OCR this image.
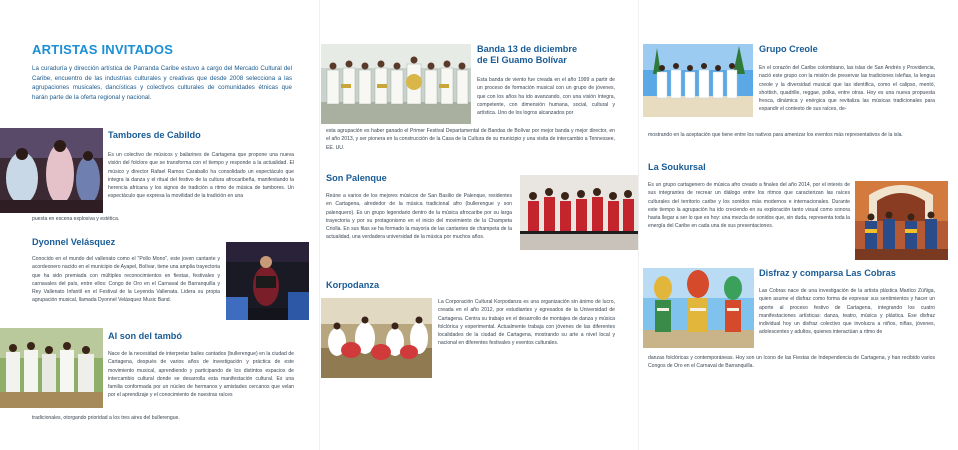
ARTISTAS INVITADOS
La curaduría y dirección artística de Parranda Caribe estuvo a cargo del Mercado Cultural del Caribe, encuentro de las industrias culturales y creativas que desde 2008 selecciona a las agrupaciones musicales, dancísticas y colectivos culturales de comunidades étnicas que harán parte de la oferta regional y nacional.
Tambores de Cabildo
Es un colectivo de músicos y bailarines de Cartagena que propone una nueva visión del folclore que se transforma con el tiempo y responde a la actualidad. El músico y director Rafael Ramos Caraballo ha consolidado un espectáculo que integra la danza y el ritual del festivo de la cultura afrocaribeña, manifestando la herencia africana y los signos de tradición a ritmo de música de tambores. Un espectáculo que expresa la movilidad de la tradición en una
puesta en escena explosiva y estética.
Dyonnel Velásquez
Conocido en el mundo del vallenato como el "Pollo Mono", este joven cantante y acordeonero nacido en el municipio de Ayapel, Bolívar, tiene una amplia trayectoria que ha sido premiada con múltiples reconocimientos en fiestas, festivales y carnavales del país, entre ellos: Congo de Oro en el Carnaval de Barranquilla y Rey Vallenato Infantil en el Festival de la Leyenda Vallenata. Lidera su propia agrupación musical, llamada Dyonnel Velásquez Music Band.
Al son del tambó
Nace de la necesidad de interpretar bailes cantados (bullerengue) en la ciudad de Cartagena, después de varios años de investigación y práctica de este movimiento musical, aprendiendo y participando de los distintos espacios de intercambio cultural donde se desarrolla esta manifestación cultural. Es una familia conformada por un núcleo de hermanos y amistades cercanos que velan por el aprendizaje y el conocimiento de nuestras raíces
tradicionales, otorgando prioridad a los tres aires del bullerengue.
Banda 13 de diciembre
de El Guamo Bolívar
Esta banda de viento fue creada en el año 1999 a partir de un proceso de formación musical con un grupo de jóvenes, que con los años ha ido avanzando, con una visión íntegra, competente, con dimensión humana, social, cultural y artística. Uno de los logros alcanzados por
esta agrupación es haber ganado el Primer Festival Departamental de Bandas de Bolívar por mejor banda y mejor director, en el año 2013, y ser pionera en la construcción de la Casa de la Cultura de su municipio y una visita de intercambio a Tennessee, EE. UU.
Son Palenque
Reúne a varios de los mejores músicos de San Basilio de Palenque, residentes en Cartagena, alrededor de la música tradicional afro (bullerengue y son palenquero). Es un grupo legendario dentro de la música afrocaribe por su larga trayectoria y por su protagonismo en el inicio del movimiento de la Champeta Criolla. En sus filas se ha formado la mayoría de las cantantes de champeta de la actualidad, una verdadera universidad de la música por muchos años.
Korpodanza
La Corporación Cultural Korpodanza es una organización sin ánimo de lucro, creada en el año 2012, por estudiantes y egresados de la Universidad de Cartagena. Centra su trabajo en el desarrollo de montajes de danza y música folclórica y experimental. Actualmente trabaja con jóvenes de las diferentes localidades de la ciudad de Cartagena, mostrando su arte a nivel local y nacional en diferentes festivales y eventos culturales.
Grupo Creole
En el corazón del Caribe colombiano, las islas de San Andrés y Providencia, nació este grupo con la misión de preservar las tradiciones isleñas, la lengua creole y la diversidad musical que las identifica, como el calipso, mentó, shottish, quadrille, reggae, polka, entre otras. Hoy es una nueva propuesta fresca, dinámica y enérgica que revitaliza las músicas tradicionales para expandir el contexto de sus raíces, de-
mostrando en la aceptación que tiene entre los nativos para amenizar los eventos más representativos de la isla.
La Soukursal
Es un grupo cartagenero de música afro creado a finales del año 2014, por el interés de sus integrantes de recrear un diálogo entre los ritmos que caracterizan las raíces culturales del territorio caribe y los sonidos más modernos e internacionales. Durante este tiempo la agrupación ha ido creciendo en su exploración tanto visual como sonora hasta llegar a ser lo que es hoy: una mezcla de sonidos que, sin duda, representa toda la energía del Caribe en cada una de sus presentaciones.
Disfraz y comparsa Las Cobras
Las Cobras nace de una investigación de la artista plástica Marilco Zúñiga, quien asume el disfraz como forma de expresar sus sentimientos y hacer un aporte al proceso festivo de Cartagena, integrando los cuatro manifestaciones artísticas: danza, teatro, música y plástica. Ese disfraz individual hoy un disfraz colectivo que involucra a niños, niñas, jóvenes, adolescentes y adultos, quienes interactúan a ritmo de
danzas folclóricas y contemporáneas. Hoy son un ícono de las Fiestas de Independencia de Cartagena, y han recibido varios Congos de Oro en el Carnaval de Barranquilla.
